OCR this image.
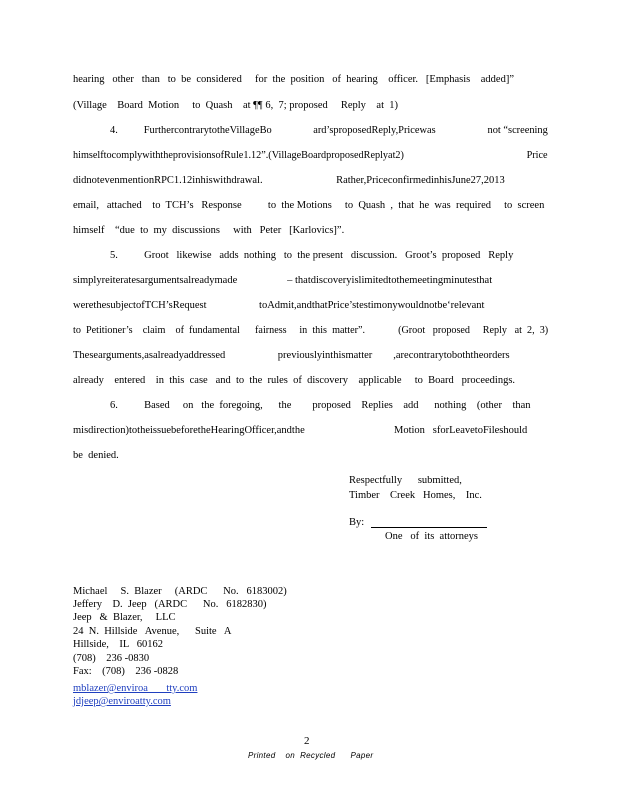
hearing   other   than   to  be  considered     for  the  position   of  hearing    officer.   [Emphasis    added]”
(Village    Board  Motion     to  Quash    at ¶¶ 6,  7; proposed     Reply    at  1)
4.          FurthercontrarytotheVillageBo                ard’sproposedReply,Pricewas                    not “screening
himselftocomplywiththeprovisionsofRule1.12”.(VillageBoardproposedReplyat2)                                                Price
didnotevenmentionRPC1.12inhiswithdrawal.                            Rather,PriceconfirmedinhisJune27,2013
email,   attached    to  TCH’s   Response          to  the Motions     to  Quash  ,  that  he  was  required     to  screen
himself    “due  to  my  discussions     with   Peter   [Karlovics]”.
5.          Groot   likewise   adds  nothing   to  the present   discussion.   Groot’s  proposed   Reply
simplyreiteratesargumentsalreadymade                   – thatdiscoveryislimitedtothemeetingminutesthat
werethesubjectofTCH’sRequest                    toAdmit,andthatPrice’stestimonywouldnotbe‘relevant
to  Petitioner’s    claim    of  fundamental      fairness     in  this  matter”.             (Groot   proposed     Reply   at  2,  3)
Thesearguments,asalreadyaddressed                    previouslyinthismatter        ,arecontrarytoboththeorders
already    entered    in  this  case   and  to  the  rules  of  discovery    applicable     to  Board   proceedings.
6.          Based     on   the  foregoing,      the        proposed    Replies    add      nothing    (other    than
misdirection)totheissuebeforetheHearingOfficer,andthe                                  Motion   sforLeavetoFileshould
be  denied.
Respectfully      submitted,
Timber    Creek   Homes,    Inc.
By:
One   of  its  attorneys
Michael     S.  Blazer     (ARDC      No.   6183002)
Jeffery    D.  Jeep   (ARDC      No.   6182830)
Jeep   &  Blazer,     LLC
24  N.  Hillside   Avenue,      Suite   A
Hillside,    IL   60162
(708)    236 -0830
Fax:    (708)    236 -0828
mblazer@enviroa       tty.com
jdjeep@enviroatty.com
2
Printed    on  Recycled      Paper
